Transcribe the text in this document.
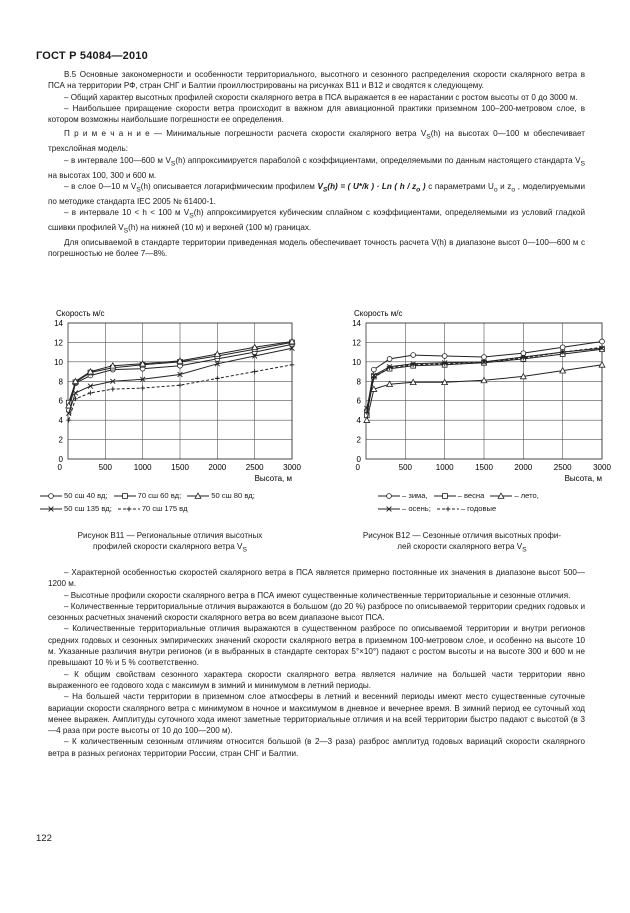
ГОСТ Р 54084—2010

В.5 Основные закономерности и особенности территориального, высотного и сезонного распределения скорости скалярного ветра в ПСА на территории РФ, стран СНГ и Балтии проиллюстрированы на рисунках В11 и В12 и сводятся к следующему.

– Общий характер высотных профилей скорости скалярного ветра в ПСА выражается в ее нарастании с ростом высоты от 0 до 3000 м.

– Наибольшее приращение скорости ветра происходит в важном для авиационной практики приземном 100–200-метровом слое, в котором возможны наибольшие погрешности ее определения.

П р и м е ч а н и е — Минимальные погрешности расчета скорости скалярного ветра $V_S(h)$ на высотах 0—100 м обеспечивает трехслойная модель:

– в интервале 100—600 м $V_S(h)$ аппроксимируется параболой с коэффициентами, определяемыми по данным настоящего стандарта $V_S$ на высотах 100, 300 и 600 м.

– в слое 0—10 м $V_S(h)$ описывается логарифмическим профилем $V_S(h)$ = ( U*/k ) · Ln ( h / $z_o$ ) с параметрами $U_o$ и $z_o$ , моделируемыми по методике стандарта IEC 2005 № 61400-1.

– в интервале 10 < h < 100 м $V_S(h)$ аппроксимируется кубическим сплайном с коэффициентами, определяемыми из условий гладкой сшивки профилей $V_S(h)$ на нижней (10 м) и верхней (100 м) границах.

Для описываемой в стандарте территории приведенная модель обеспечивает точность расчета V(h) в диапазоне высот 0—100—600 м с погрешностью не более 7—8%.

0
2
4
6
8
10
12
14
500	1000 1500 2000 2500 3000
0
Скорость м/с
Высота, м
50 сш 40 вд;	70 сш 60 вд;	50 сш 80 вд;
50 сш 135 вд;	70 сш 175 вд
Рисунок В11 — Региональные отличия высотных
профилей скорости скалярного ветра $V_S$
0
2
4
6
8
10
12
14
500	1000	1500	2000	2500	3000
0
Скорость м/с
Высота, м
– зима,	– весна	– лето,
– осень;	– годовые
Рисунок В12 — Сезонные отличия высотных профи-
лей скорости скалярного ветра $V_S$

– Характерной особенностью скоростей скалярного ветра в ПСА является примерно постоянные их значения в диапазоне высот 500—1200 м.

– Высотные профили скорости скалярного ветра в ПСА имеют существенные количественные территориальные и сезонные отличия.

– Количественные территориальные отличия выражаются в большом (до 20 %) разбросе по описываемой территории средних годовых и сезонных расчетных значений скорости скалярного ветра во всем диапазоне высот ПСА.

– Количественные территориальные отличия выражаются в существенном разбросе по описываемой территории и внутри регионов средних годовых и сезонных эмпирических значений скорости скалярного ветра в приземном 100-метровом слое, и особенно на высоте 10 м. Указанные различия внутри регионов (и в выбранных в стандарте секторах 5°×10°) падают с ростом высоты и на высоте 300 и 600 м не превышают 10 % и 5 % соответственно.

– К общим свойствам сезонного характера скорости скалярного ветра является наличие на большей части территории явно выраженного ее годового хода с максимум в зимний и минимумом в летний периоды.

– На большей части территории в приземном слое атмосферы в летний и весенний периоды имеют место существенные суточные вариации скорости скалярного ветра с минимумом в ночное и максимумом в дневное и вечернее время. В зимний период ее суточный ход менее выражен. Амплитуды суточного хода имеют заметные территориальные отличия и на всей территории быстро падают с высотой (в 3 —4 раза при росте высоты от 10 до 100—200 м).

– К количественным сезонным отличиям относится большой (в 2—3 раза) разброс амплитуд годовых вариаций скорости скалярного ветра в разных регионах территории России, стран СНГ и Балтии.

122
